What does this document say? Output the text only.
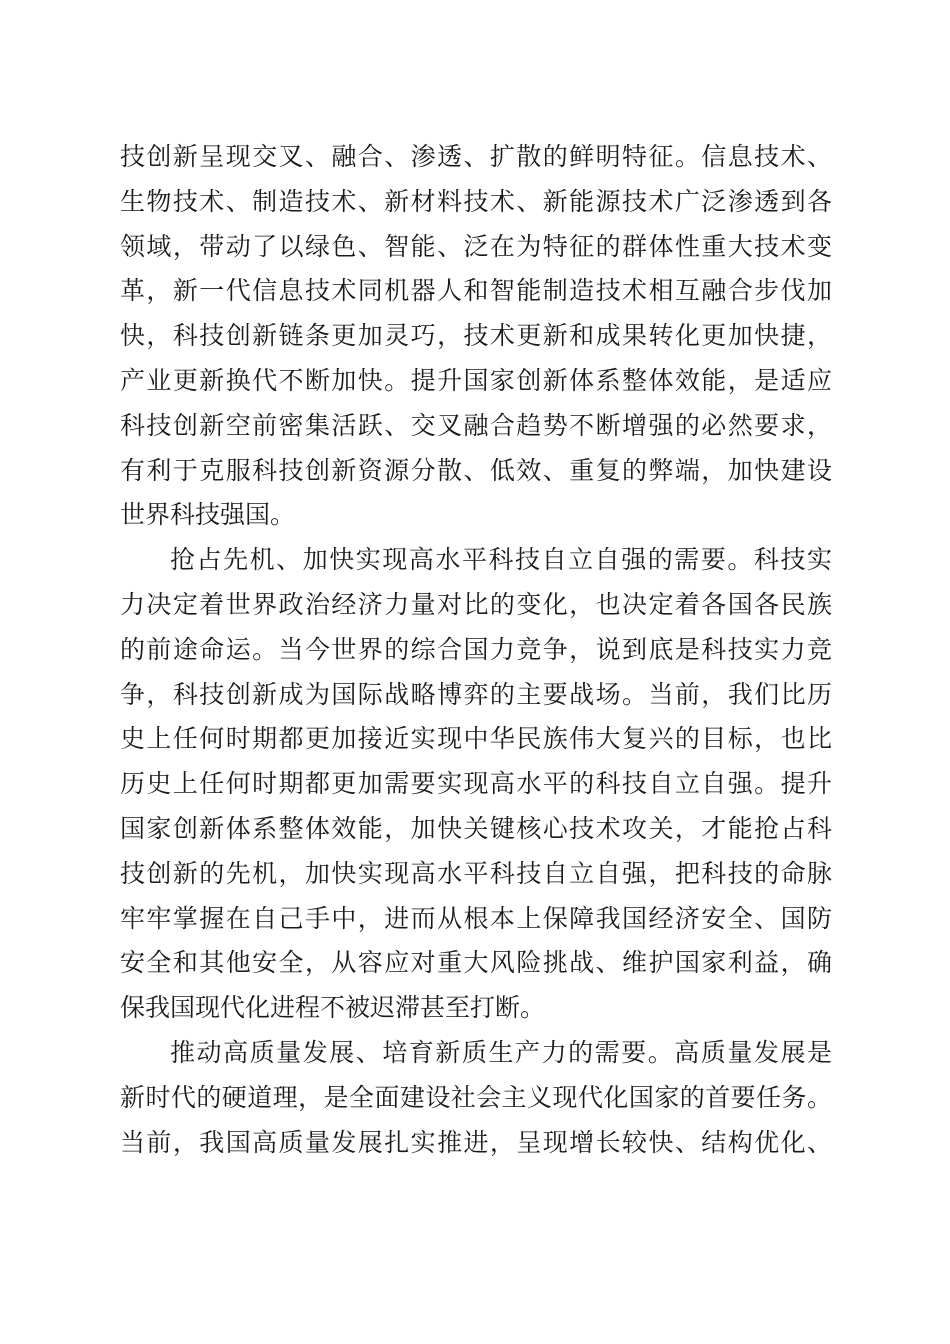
技创新呈现交叉、融合、渗透、扩散的鲜明特征。信息技术、
生物技术、制造技术、新材料技术、新能源技术广泛渗透到各
领域，带动了以绿色、智能、泛在为特征的群体性重大技术变
革，新一代信息技术同机器人和智能制造技术相互融合步伐加
快，科技创新链条更加灵巧，技术更新和成果转化更加快捷，
产业更新换代不断加快。提升国家创新体系整体效能，是适应
科技创新空前密集活跃、交叉融合趋势不断增强的必然要求，
有利于克服科技创新资源分散、低效、重复的弊端，加快建设
世界科技强国。
抢占先机、加快实现高水平科技自立自强的需要。科技实
力决定着世界政治经济力量对比的变化，也决定着各国各民族
的前途命运。当今世界的综合国力竞争，说到底是科技实力竞
争，科技创新成为国际战略博弈的主要战场。当前，我们比历
史上任何时期都更加接近实现中华民族伟大复兴的目标，也比
历史上任何时期都更加需要实现高水平的科技自立自强。提升
国家创新体系整体效能，加快关键核心技术攻关，才能抢占科
技创新的先机，加快实现高水平科技自立自强，把科技的命脉
牢牢掌握在自己手中，进而从根本上保障我国经济安全、国防
安全和其他安全，从容应对重大风险挑战、维护国家利益，确
保我国现代化进程不被迟滞甚至打断。
推动高质量发展、培育新质生产力的需要。高质量发展是
新时代的硬道理，是全面建设社会主义现代化国家的首要任务。
当前，我国高质量发展扎实推进，呈现增长较快、结构优化、
